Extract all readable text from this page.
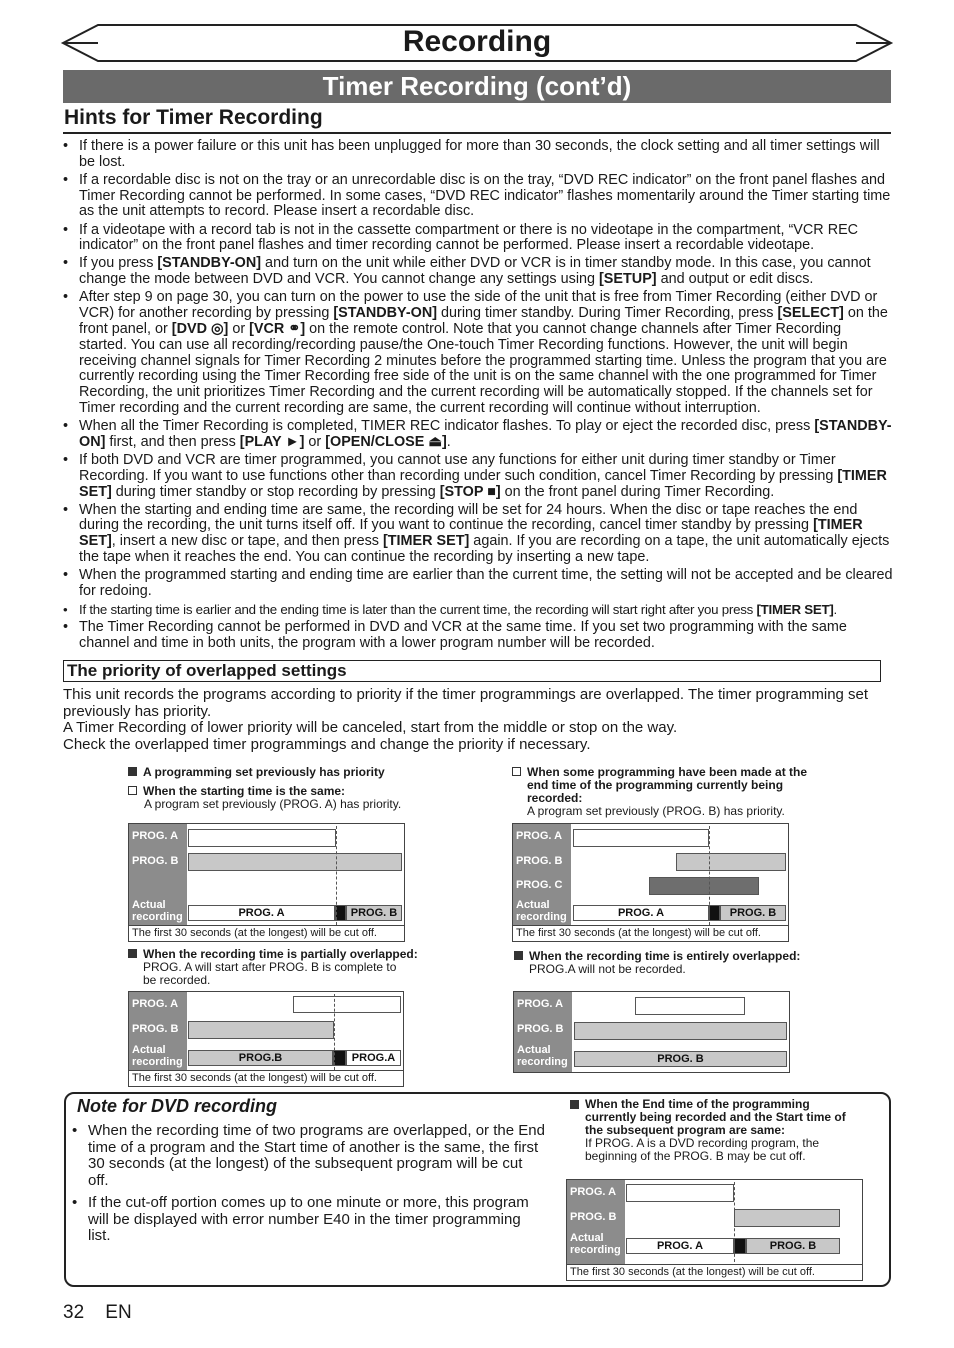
Recording
Timer Recording (cont’d)
Hints for Timer Recording
• If there is a power failure or this unit has been unplugged for more than 30 seconds, the clock setting and all timer settings will be lost.
• If a recordable disc is not on the tray or an unrecordable disc is on the tray, “DVD REC indicator” on the front panel flashes and Timer Recording cannot be performed. In some cases, “DVD REC indicator” flashes momentarily around the Timer starting time as the unit attempts to record. Please insert a recordable disc.
• If a videotape with a record tab is not in the cassette compartment or there is no videotape in the compartment, “VCR REC indicator” on the front panel flashes and timer recording cannot be performed. Please insert a recordable videotape.
• If you press [STANDBY-ON] and turn on the unit while either DVD or VCR is in timer standby mode. In this case, you cannot change the mode between DVD and VCR. You cannot change any settings using [SETUP] and output or edit discs.
• After step 9 on page 30, you can turn on the power to use the side of the unit that is free from Timer Recording (either DVD or VCR) for another recording by pressing [STANDBY-ON] during timer standby. During Timer Recording, press [SELECT] on the front panel, or [DVD ◎] or [VCR ⚭] on the remote control. Note that you cannot change channels after Timer Recording started. You can use all recording/recording pause/the One-touch Timer Recording functions. However, the unit will begin receiving channel signals for Timer Recording 2 minutes before the programmed starting time. Unless the program that you are currently recording using the Timer Recording free side of the unit is on the same channel with the one programmed for Timer Recording, the unit prioritizes Timer Recording and the current recording will be automatically stopped. If the channels set for Timer recording and the current recording are same, the current recording will continue without interruption.
• When all the Timer Recording is completed, TIMER REC indicator flashes. To play or eject the recorded disc, press [STANDBY-ON] first, and then press [PLAY ►] or [OPEN/CLOSE ⏏].
• If both DVD and VCR are timer programmed, you cannot use any functions for either unit during timer standby or Timer Recording. If you want to use functions other than recording under such condition, cancel Timer Recording by pressing [TIMER SET] during timer standby or stop recording by pressing [STOP ■] on the front panel during Timer Recording.
• When the starting and ending time are same, the recording will be set for 24 hours. When the disc or tape reaches the end during the recording, the unit turns itself off. If you want to continue the recording, cancel timer standby by pressing [TIMER SET], insert a new disc or tape, and then press [TIMER SET] again. If you are recording on a tape, the unit automatically ejects the tape when it reaches the end. You can continue the recording by inserting a new tape.
• When the programmed starting and ending time are earlier than the current time, the setting will not be accepted and be cleared for redoing.
• If the starting time is earlier and the ending time is later than the current time, the recording will start right after you press [TIMER SET].
• The Timer Recording cannot be performed in DVD and VCR at the same time. If you set two programming with the same channel and time in both units, the program with a lower program number will be recorded.
The priority of overlapped settings

This unit records the programs according to priority if the timer programmings are overlapped. The timer programming set previously has priority.

A Timer Recording of lower priority will be canceled, start from the middle or stop on the way.

Check the overlapped timer programmings and change the priority if necessary.

A programming set previously has priority
When the starting time is the same:
A program set previously (PROG. A) has priority.
PROG. A
PROG. B
Actual recording	PROG. A	PROG. B
The first 30 seconds (at the longest) will be cut off.
When the recording time is partially overlapped:

PROG. A will start after PROG. B is complete to be recorded.
PROG. A
PROG. B
Actual recording	PROG.B	PROG.A
The first 30 seconds (at the longest) will be cut off.
When some programming have been made at the end time of the programming currently being recorded:
A program set previously (PROG. B) has priority.
PROG. A
PROG. B
PROG. C
Actual recording	PROG. A	PROG. B
The first 30 seconds (at the longest) will be cut off.
When the recording time is entirely overlapped:
PROG.A will not be recorded.
PROG. A
PROG. B
Actual recording	PROG. B
Note for DVD recording
• When the recording time of two programs are overlapped, or the End time of a program and the Start time of another is the same, the first 30 seconds (at the longest) of the subsequent program will be cut off.
• If the cut-off portion comes up to one minute or more, this program will be displayed with error number E40 in the timer programming list.
When the End time of the programming currently being recorded and the Start time of the subsequent program are same:
If PROG. A is a DVD recording program, the beginning of the PROG. B may be cut off.
PROG. A
PROG. B
Actual recording	PROG. A	PROG. B
The first 30 seconds (at the longest) will be cut off.
32 EN
